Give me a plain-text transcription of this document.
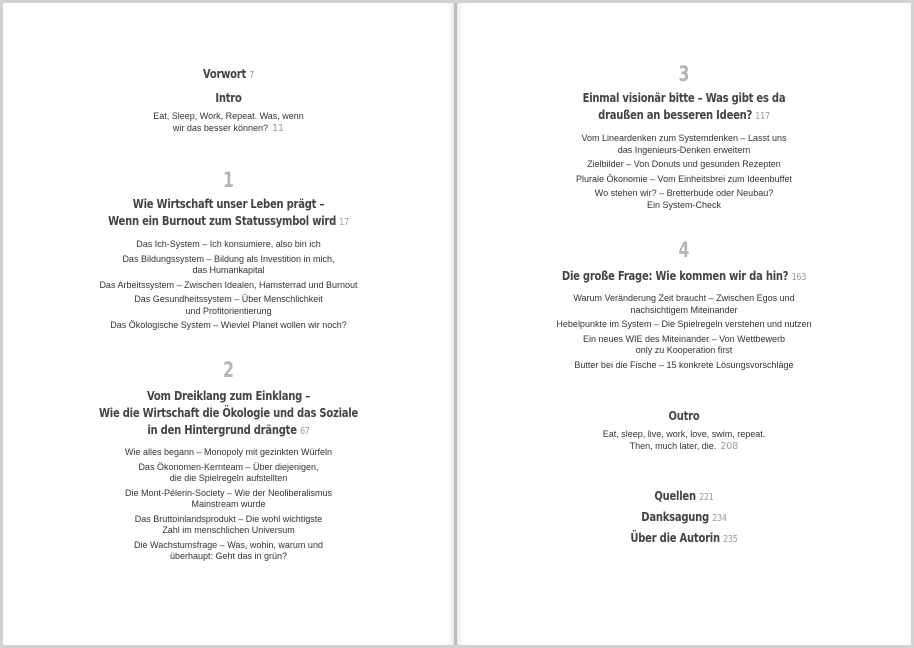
Vorwort 7
Intro
Eat, Sleep, Work, Repeat. Was, wenn
wir das besser können? 11
1
Wie Wirtschaft unser Leben prägt –
Wenn ein Burnout zum Statussymbol wird 17
Das Ich-System – Ich konsumiere, also bin ich
Das Bildungssystem – Bildung als Investition in mich,
das Humankapital
Das Arbeitssystem – Zwischen Idealen, Hamsterrad und Burnout
Das Gesundheitssystem – Über Menschlichkeit
und Profitorientierung
Das Ökologische System – Wieviel Planet wollen wir noch?
2
Vom Dreiklang zum Einklang –
Wie die Wirtschaft die Ökologie und das Soziale
in den Hintergrund drängte 67
Wie alles begann – Monopoly mit gezinkten Würfeln
Das Ökonomen-Kernteam – Über diejenigen,
die die Spielregeln aufstellten
Die Mont-Pélerin-Society – Wie der Neoliberalismus
Mainstream wurde
Das Bruttoinlandsprodukt – Die wohl wichtigste
Zahl im menschlichen Universum
Die Wachstumsfrage – Was, wohin, warum und
überhaupt: Geht das in grün?
3
Einmal visionär bitte – Was gibt es da
draußen an besseren Ideen? 117
Vom Lineardenken zum Systemdenken – Lasst uns
das Ingenieurs-Denken erweitern
Zielbilder – Von Donuts und gesunden Rezepten
Plurale Ökonomie – Vom Einheitsbrei zum Ideenbuffet
Wo stehen wir? – Bretterbude oder Neubau?
Ein System-Check
4
Die große Frage: Wie kommen wir da hin? 163
Warum Veränderung Zeit braucht – Zwischen Egos und
nachsichtigem Miteinander
Hebelpunkte im System – Die Spielregeln verstehen und nutzen
Ein neues WIE des Miteinander – Von Wettbewerb
only zu Kooperation first
Butter bei die Fische – 15 konkrete Lösungsvorschläge
Outro
Eat, sleep, live, work, love, swim, repeat.
Then, much later, die. 208
Quellen 221
Danksagung 234
Über die Autorin 235
